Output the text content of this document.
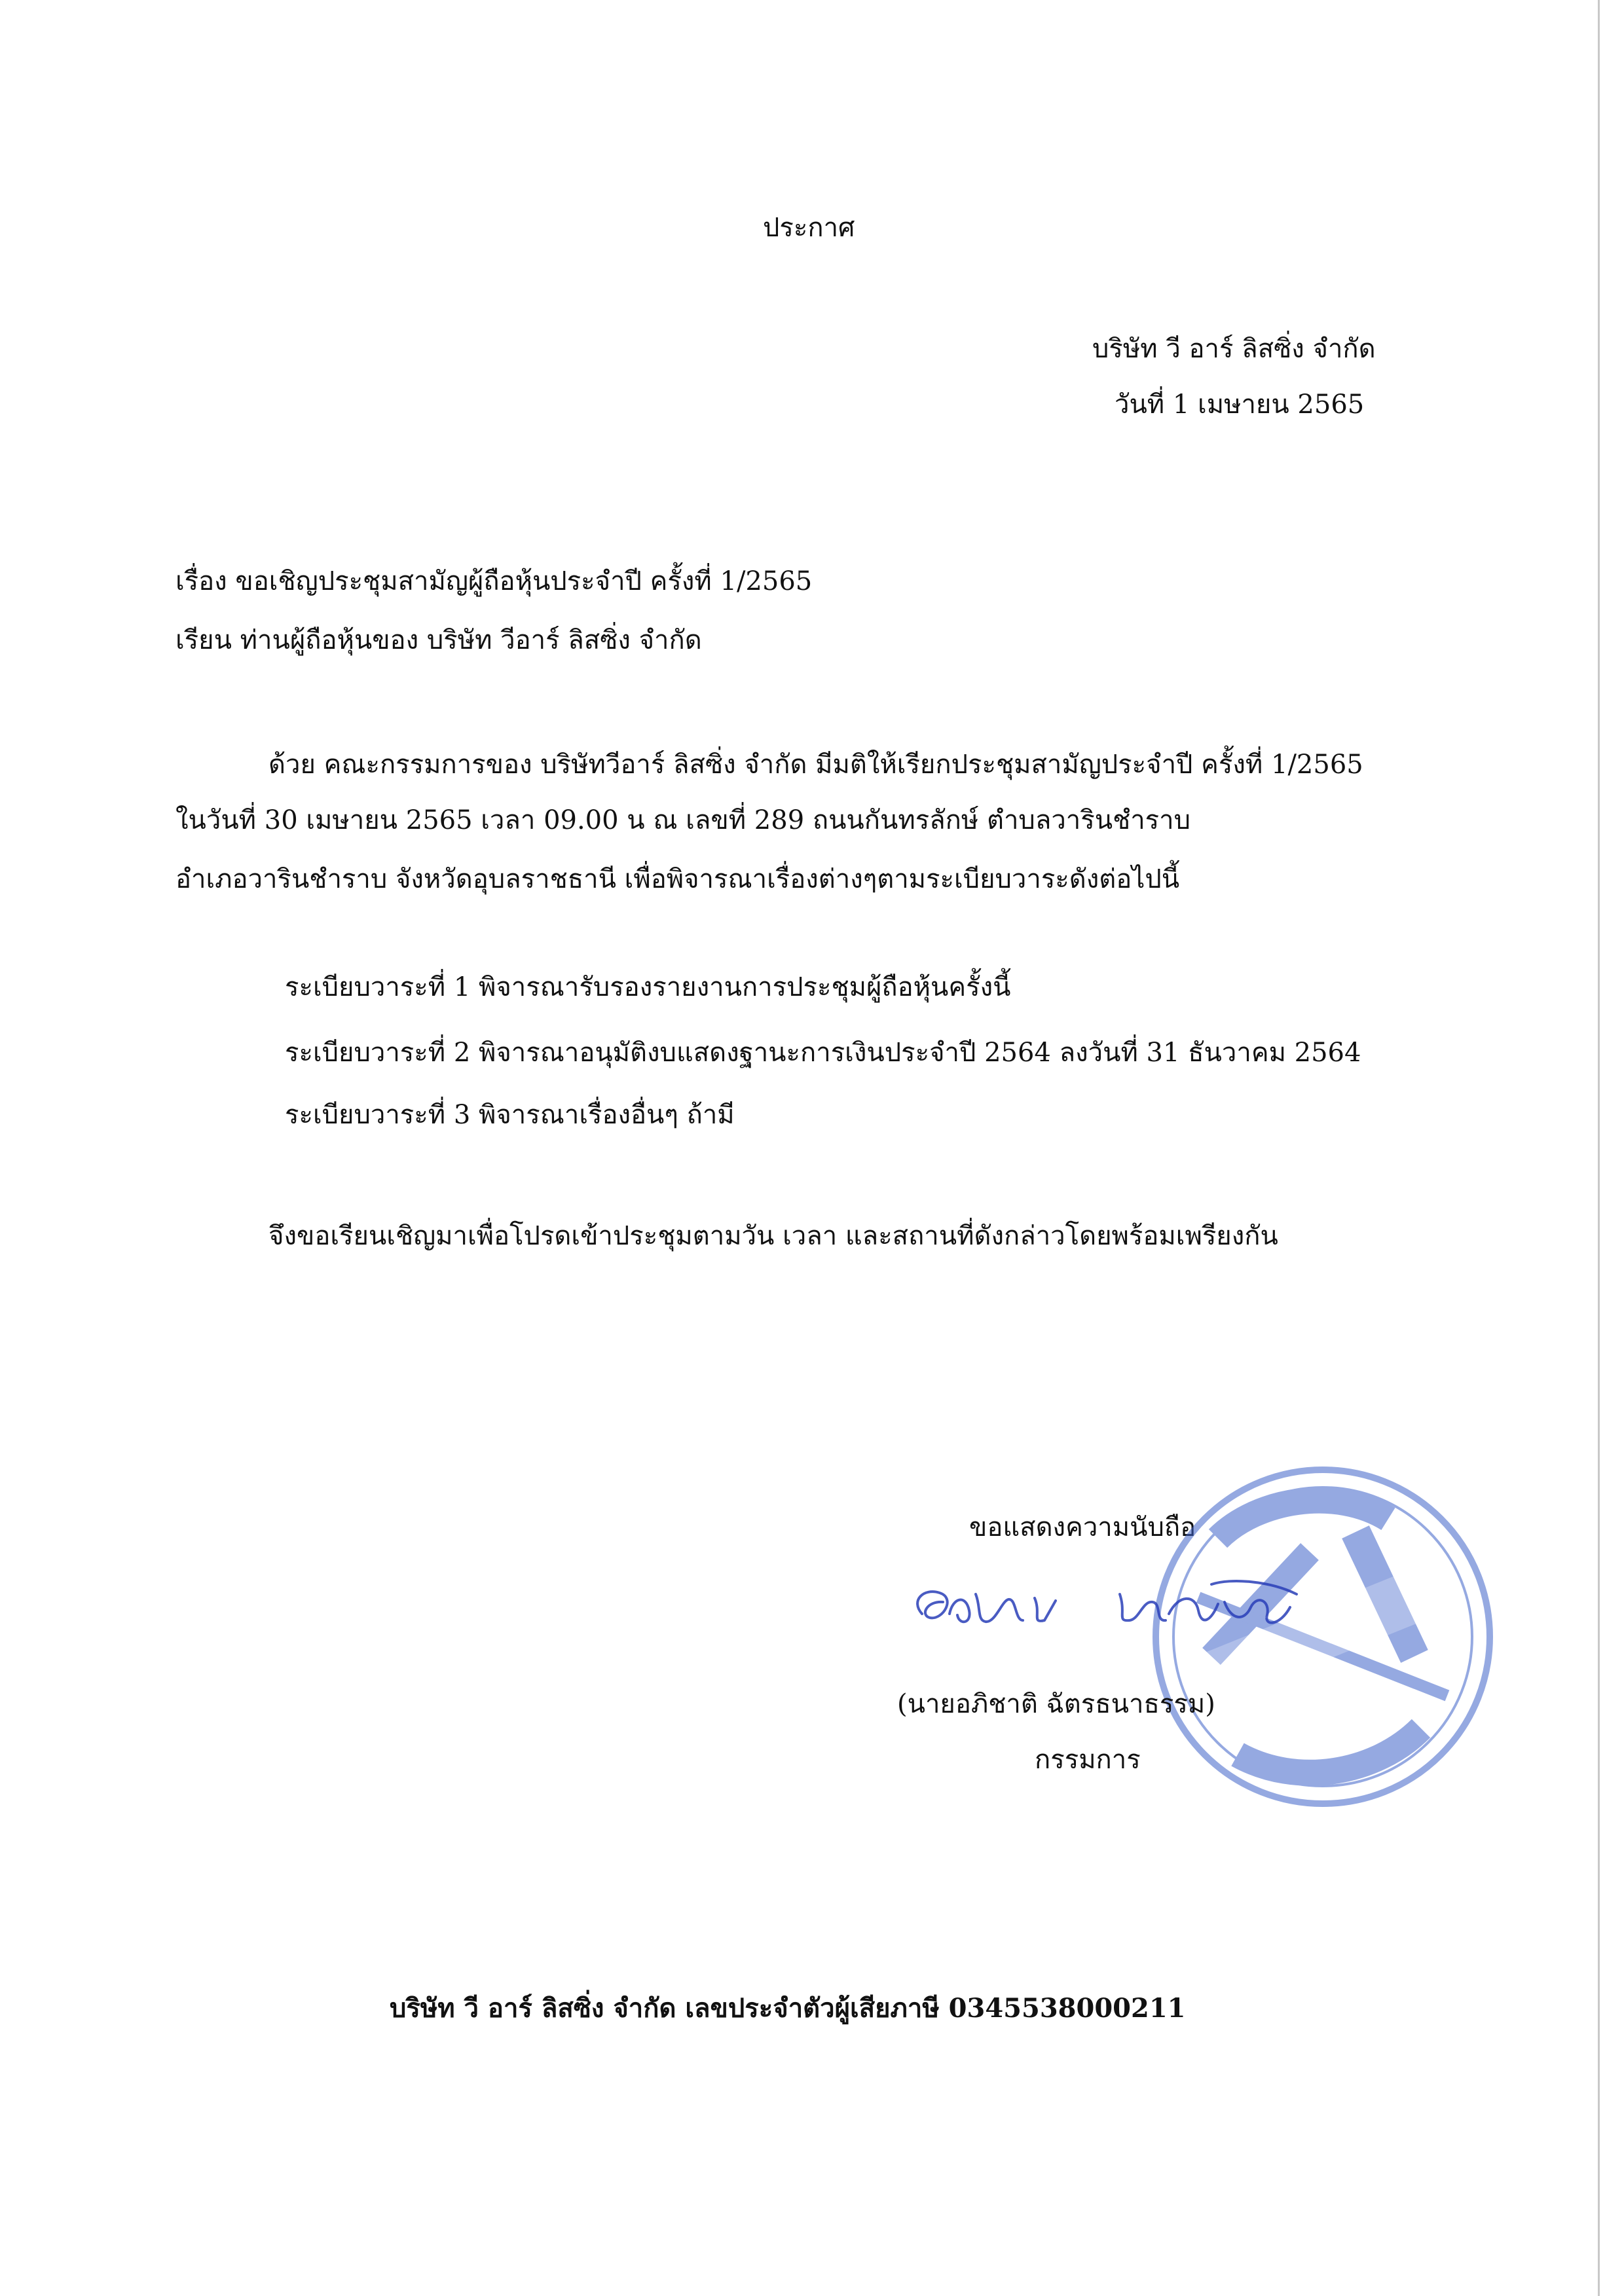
ประกาศ
บริษัท วี อาร์ ลิสซิ่ง จำกัด
วันที่ 1 เมษายน 2565
เรื่อง ขอเชิญประชุมสามัญผู้ถือหุ้นประจำปี ครั้งที่ 1/2565
เรียน ท่านผู้ถือหุ้นของ บริษัท วีอาร์ ลิสซิ่ง จำกัด
ด้วย คณะกรรมการของ บริษัทวีอาร์ ลิสซิ่ง จำกัด มีมติให้เรียกประชุมสามัญประจำปี ครั้งที่ 1/2565
ในวันที่ 30 เมษายน 2565 เวลา 09.00 น ณ เลขที่ 289 ถนนกันทรลักษ์ ตำบลวารินชำราบ
อำเภอวารินชำราบ จังหวัดอุบลราชธานี เพื่อพิจารณาเรื่องต่างๆตามระเบียบวาระดังต่อไปนี้
ระเบียบวาระที่ 1 พิจารณารับรองรายงานการประชุมผู้ถือหุ้นครั้งนี้
ระเบียบวาระที่ 2 พิจารณาอนุมัติงบแสดงฐานะการเงินประจำปี 2564 ลงวันที่ 31 ธันวาคม 2564
ระเบียบวาระที่ 3 พิจารณาเรื่องอื่นๆ ถ้ามี
จึงขอเรียนเชิญมาเพื่อโปรดเข้าประชุมตามวัน เวลา และสถานที่ดังกล่าวโดยพร้อมเพรียงกัน
ขอแสดงความนับถือ
(นายอภิชาติ ฉัตรธนาธรรม)
กรรมการ
บริษัท วี อาร์ ลิสซิ่ง จำกัด เลขประจำตัวผู้เสียภาษี 0345538000211
